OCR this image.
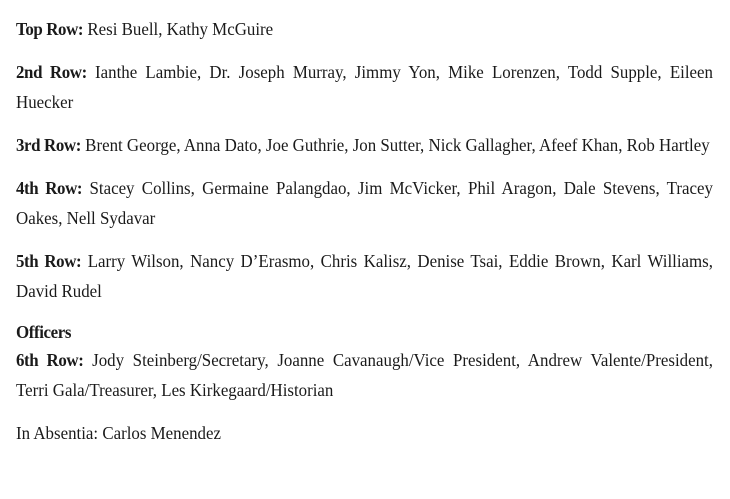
Top Row: Resi Buell, Kathy McGuire

2nd Row: Ianthe Lambie, Dr. Joseph Murray, Jimmy Yon, Mike Lorenzen, Todd Supple, Eileen Huecker

3rd Row: Brent George, Anna Dato, Joe Guthrie, Jon Sutter, Nick Gallagher, Afeef Khan, Rob Hartley

4th Row: Stacey Collins, Germaine Palangdao, Jim McVicker, Phil Aragon, Dale Stevens, Tracey Oakes, Nell Sydavar

5th Row: Larry Wilson, Nancy D’Erasmo, Chris Kalisz, Denise Tsai, Eddie Brown, Karl Williams, David Rudel

Officers

6th Row: Jody Steinberg/Secretary, Joanne Cavanaugh/Vice President, Andrew Valente/President, Terri Gala/Treasurer, Les Kirkegaard/Historian

In Absentia: Carlos Menendez
